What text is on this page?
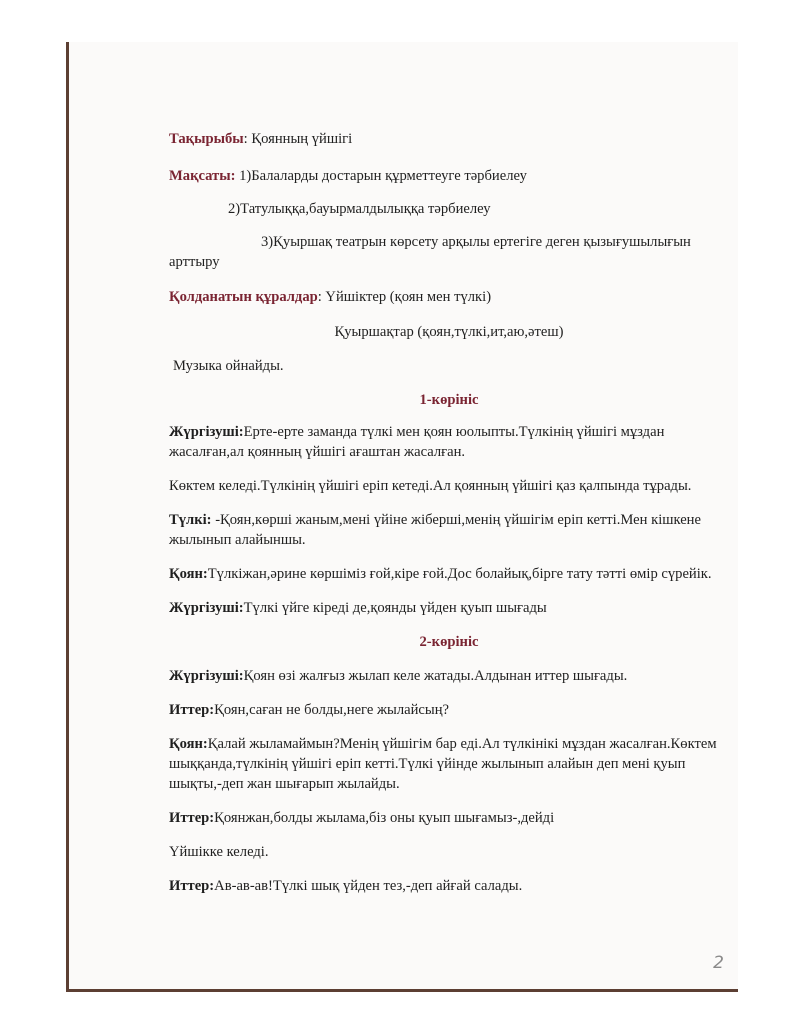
Тақырыбы: Қоянның үйшігі

Мақсаты: 1)Балаларды достарын құрметтеуге тәрбиелеу

2)Татулыққа,бауырмалдылыққа тәрбиелеу

3)Қуыршақ театрын көрсету арқылы ертегіге деген қызығушылығын арттыру

Қолданатын құралдар: Үйшіктер (қоян мен түлкі)

Қуыршақтар (қоян,түлкі,ит,аю,әтеш)

Музыка ойнайды.

1-көрініс

Жүргізуші:Ерте-ерте заманда түлкі мен қоян юолыпты.Түлкінің үйшігі мұздан жасалған,ал қоянның үйшігі ағаштан жасалған.

Көктем келеді.Түлкінің үйшігі еріп кетеді.Ал қоянның үйшігі қаз қалпында тұрады.

Түлкі: -Қоян,көрші жаным,мені үйіне жіберші,менің үйшігім еріп кетті.Мен кішкене жылынып алайыншы.

Қоян:Түлкіжан,әрине көршіміз ғой,кіре ғой.Дос болайық,бірге тату тәтті өмір сүрейік.

Жүргізуші:Түлкі үйге кіреді де,қоянды үйден қуып шығады

2-көрініс

Жүргізуші:Қоян өзі жалғыз жылап келе жатады.Алдынан иттер шығады.

Иттер:Қоян,саған не болды,неге жылайсың?

Қоян:Қалай жыламаймын?Менің үйшігім бар еді.Ал түлкінікі мұздан жасалған.Көктем шыққанда,түлкінің үйшігі еріп кетті.Түлкі үйінде жылынып алайын деп мені қуып шықты,-деп жан шығарып жылайды.

Иттер:Қоянжан,болды жылама,біз оны қуып шығамыз-,дейді

Үйшікке келеді.

Иттер:Ав-ав-ав!Түлкі шық үйден тез,-деп айғай салады.

2
